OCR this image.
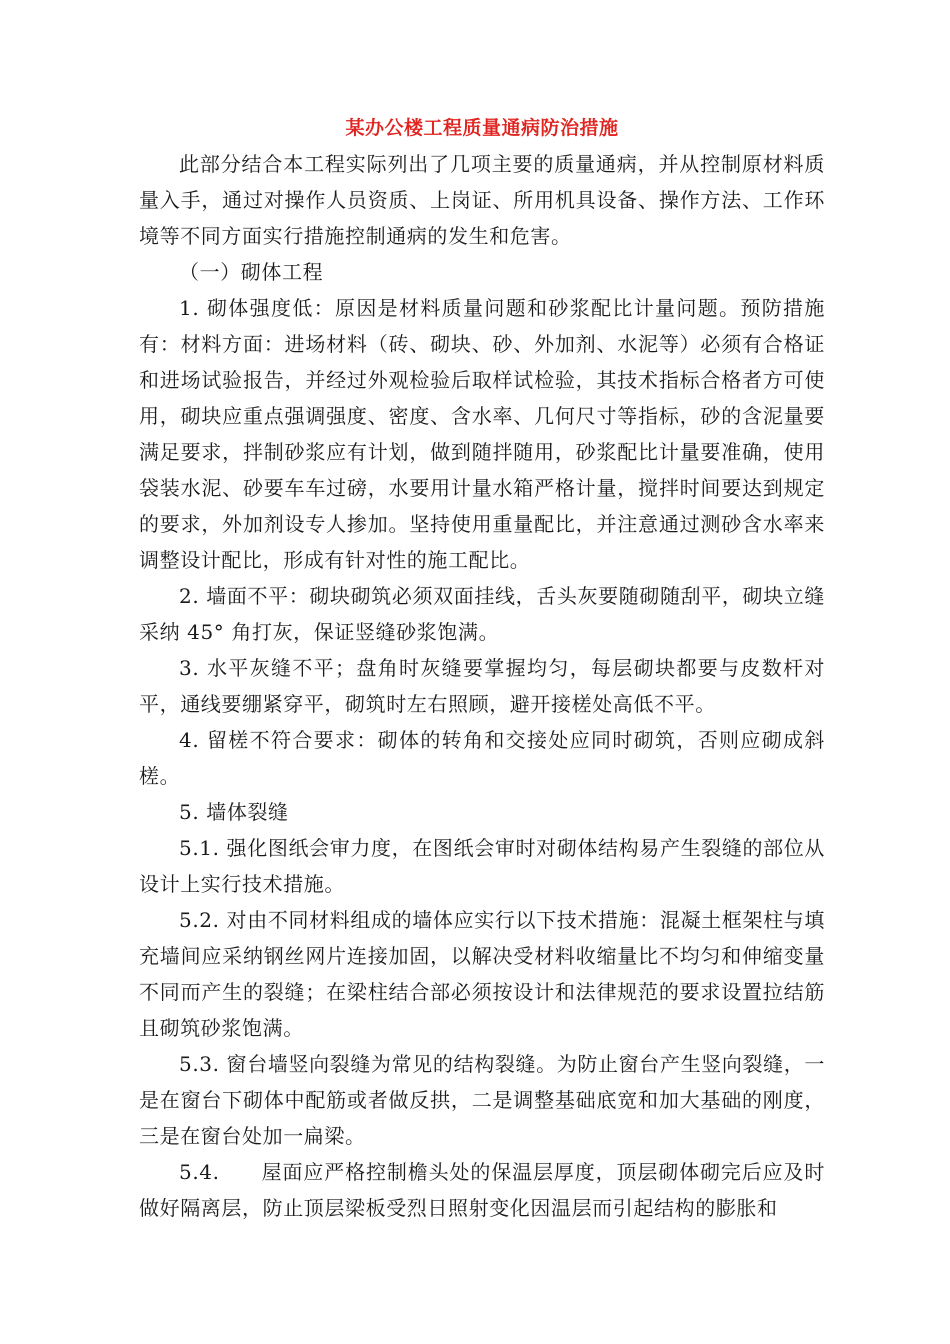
某办公楼工程质量通病防治措施

此部分结合本工程实际列出了几项主要的质量通病，并从控制原材料质量入手，通过对操作人员资质、上岗证、所用机具设备、操作方法、工作环境等不同方面实行措施控制通病的发生和危害。

（一）砌体工程

1. 砌体强度低：原因是材料质量问题和砂浆配比计量问题。预防措施有：材料方面：进场材料（砖、砌块、砂、外加剂、水泥等）必须有合格证和进场试验报告，并经过外观检验后取样试检验，其技术指标合格者方可使用，砌块应重点强调强度、密度、含水率、几何尺寸等指标，砂的含泥量要满足要求，拌制砂浆应有计划，做到随拌随用，砂浆配比计量要准确，使用袋装水泥、砂要车车过磅，水要用计量水箱严格计量，搅拌时间要达到规定的要求，外加剂设专人掺加。坚持使用重量配比，并注意通过测砂含水率来调整设计配比，形成有针对性的施工配比。

2. 墙面不平：砌块砌筑必须双面挂线，舌头灰要随砌随刮平，砌块立缝采纳 45° 角打灰，保证竖缝砂浆饱满。

3. 水平灰缝不平；盘角时灰缝要掌握均匀，每层砌块都要与皮数杆对平，通线要绷紧穿平，砌筑时左右照顾，避开接槎处高低不平。

4. 留槎不符合要求：砌体的转角和交接处应同时砌筑，否则应砌成斜槎。

5. 墙体裂缝

5.1. 强化图纸会审力度，在图纸会审时对砌体结构易产生裂缝的部位从设计上实行技术措施。

5.2. 对由不同材料组成的墙体应实行以下技术措施：混凝土框架柱与填充墙间应采纳钢丝网片连接加固，以解决受材料收缩量比不均匀和伸缩变量不同而产生的裂缝；在梁柱结合部必须按设计和法律规范的要求设置拉结筋且砌筑砂浆饱满。

5.3. 窗台墙竖向裂缝为常见的结构裂缝。为防止窗台产生竖向裂缝，一是在窗台下砌体中配筋或者做反拱，二是调整基础底宽和加大基础的刚度，三是在窗台处加一扁梁。

5.4.　　屋面应严格控制檐头处的保温层厚度，顶层砌体砌完后应及时做好隔离层，防止顶层梁板受烈日照射变化因温层而引起结构的膨胀和
